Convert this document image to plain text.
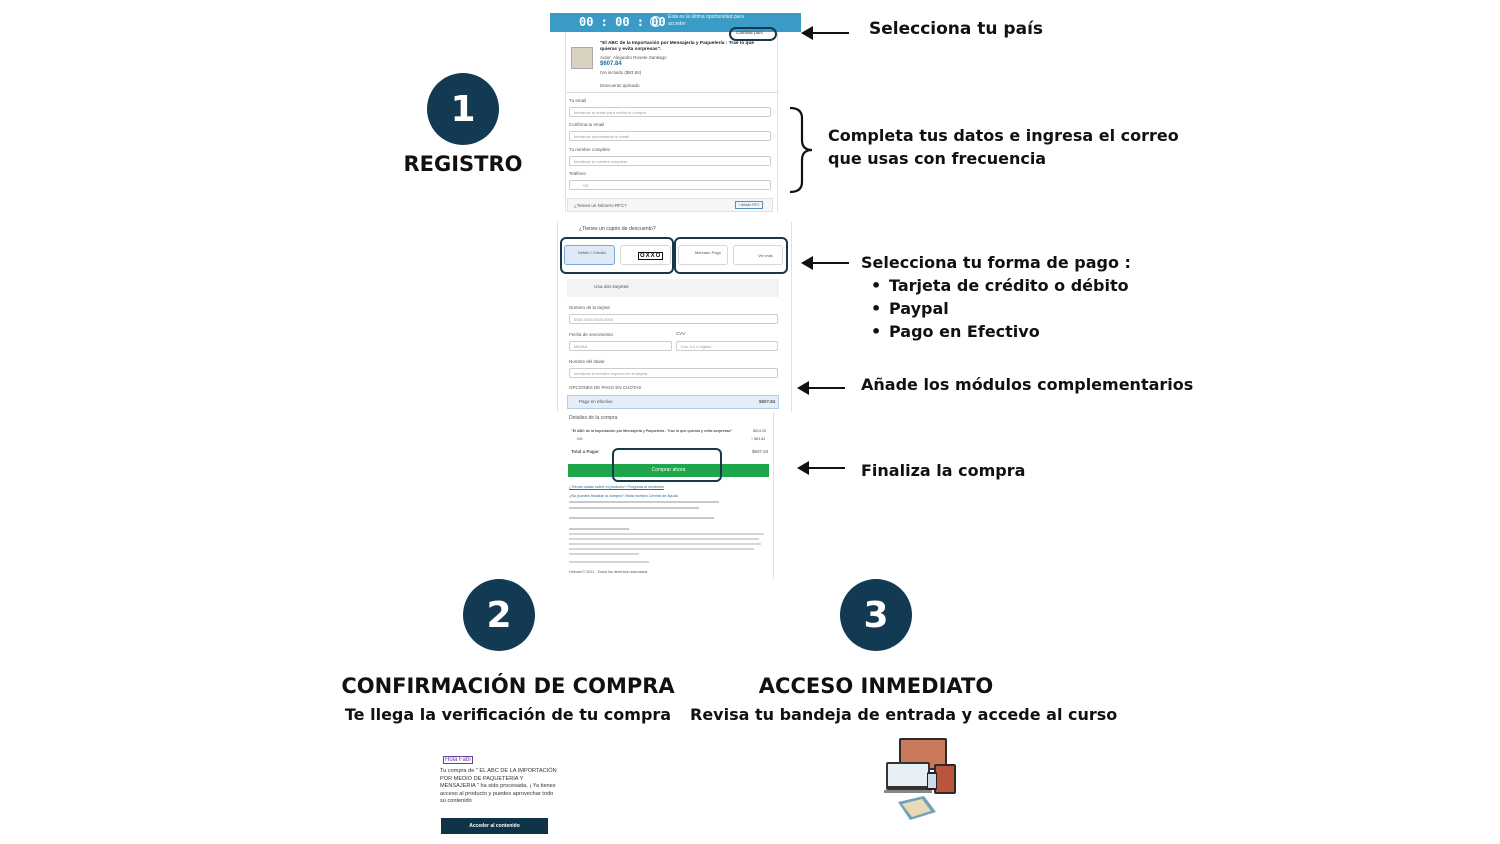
1
REGISTRO
"El ABC de la Importación por Mensajería y Paquetería : Trae lo que quieras y evita sorpresas".
Autor: Alejandro Rosete Santiago
$607.84
IVA incluido ($83.84)
Descuento aplicado
Tu email
Introduce tu email para recibir tu compra
Confirma tu email
Introduce nuevamente tu email
Tu nombre completo
Introduce tu nombre completo
Teléfono
+52
¿Tienes un Número RFC?	+ Añadir RFC
¿Tienes un cupón de descuento?
Débito / Crédito
OXXO
Mercado Pago
Ver más
Usa dos tarjetas
Número de la tarjeta
0000 0000 0000 0000
Fecha de vencimiento
MM/AA
CVV
Con 3 o 4 dígitos
Nombre del titular
Introduce el nombre impreso en la tarjeta
OPCIONES DE PAGO EN CUOTAS
Pago en efectivo	$607.84
Detalles de la compra
"El ABC de la Importación por Mensajería y Paquetería : Trae lo que quieras y evita sorpresas"	$524.00
IVA	+ $83.84
Total a Pagar	$607.84
¿Tienes dudas sobre el producto? Pregunta al vendedor
¿No puedes finalizar la compra? Visita nuestra Central de Ayuda
Hotmart © 2021 - Todos los derechos reservados
00 : 00 : 00 Esta es la última oportunidad para acceder
Cambiar país
Comprar ahora
Selecciona tu país
Completa tus datos e ingresa el correo
que usas con frecuencia
Selecciona tu forma de pago :
• Tarjeta de crédito o débito
• Paypal
• Pago en Efectivo
Añade los módulos complementarios
Finaliza la compra
2
CONFIRMACIÓN DE COMPRA
Te llega la verificación de tu compra
Hola Fabi
Tu compra de " EL ABC DE LA IMPORTACIÓN POR MEDIO DE PAQUETERIA Y MENSAJERIA " ha sido procesada, ¡ Ya tienes acceso al producto y puedes aprovechar todo su contenido
Acceder al contenido
3
ACCESO INMEDIATO
Revisa tu bandeja de entrada y accede al curso
